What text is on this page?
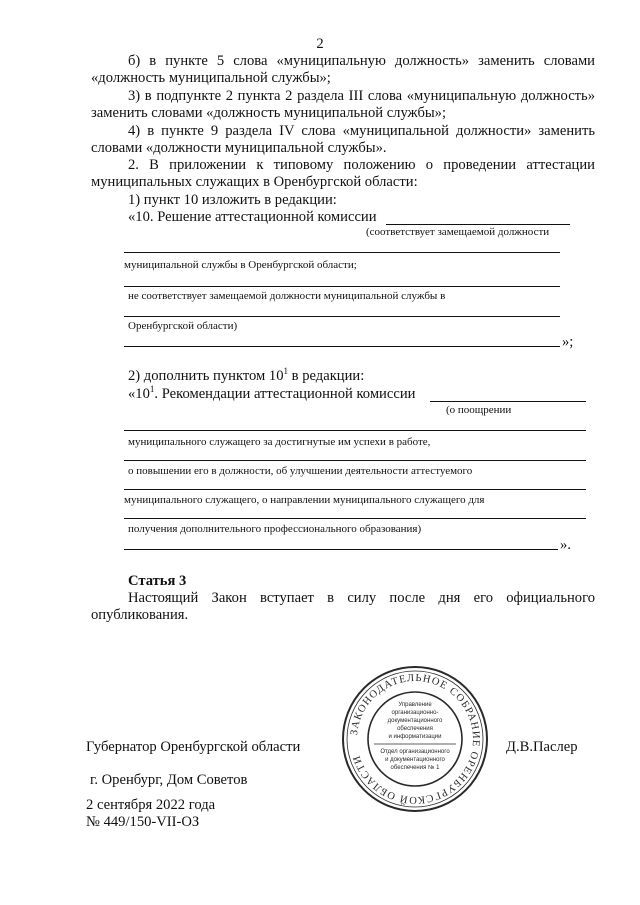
2
б) в пункте 5 слова «муниципальную должность» заменить словами «должность муниципальной службы»;
3) в подпункте 2 пункта 2 раздела III слова «муниципальную должность» заменить словами «должность муниципальной службы»;
4) в пункте 9 раздела IV слова «муниципальной должности» заменить словами «должности муниципальной службы».
2. В приложении к типовому положению о проведении аттестации муниципальных служащих в Оренбургской области:
1) пункт 10 изложить в редакции:
«10. Решение аттестационной комиссии
(соответствует замещаемой должности
муниципальной службы в Оренбургской области;
не соответствует замещаемой должности муниципальной службы в
Оренбургской области)
»;
2) дополнить пунктом $10^1$ в редакции:
«$10^1$. Рекомендации аттестационной комиссии
(о поощрении
муниципального служащего за достигнутые им успехи в работе,
о повышении его в должности, об улучшении деятельности аттестуемого
муниципального служащего, о направлении муниципального служащего для
получения дополнительного профессионального образования)
».
Статья 3
Настоящий Закон вступает в силу после дня его официального опубликования.
ЗАКОНОДАТЕЛЬНОЕ СОБРАНИЕ ОРЕНБУРГСКОЙ ОБЛАСТИ
Управление
организационно-
документационного
обеспечения
и информатизации
Отдел организационного
и документационного
обеспечения № 1
Губернатор Оренбургской области	Д.В.Паслер
г. Оренбург, Дом Советов
2 сентября 2022 года
№ 449/150-VII-ОЗ
